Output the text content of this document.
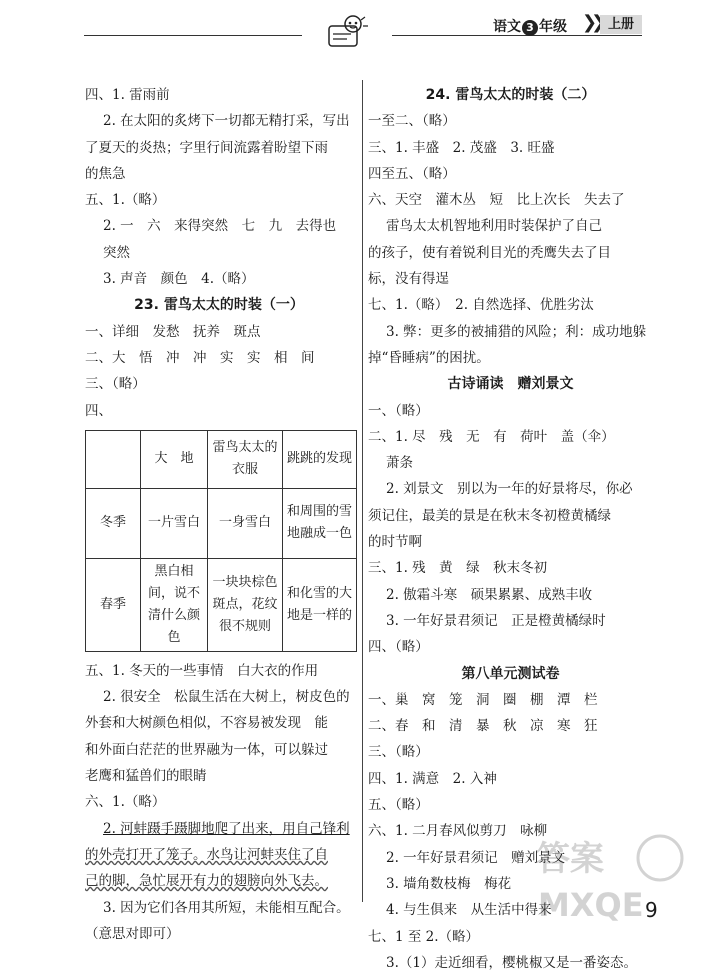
语文 3 年级 ❯❯ 上册
四、1. 雷雨前
2. 在太阳的炙烤下一切都无精打采，写出
了夏天的炎热；字里行间流露着盼望下雨
的焦急
五、1.（略）
2. 一　六　来得突然　七　九　去得也
突然
3. 声音　颜色　4.（略）
23. 雷鸟太太的时装（一）
一、详细　发愁　抚养　斑点
二、大　悟　冲　冲　实　实　相　间
三、（略）
四、
	大　地	雷鸟太太的衣服	跳跳的发现
冬季	一片雪白	一身雪白	和周围的雪地融成一色
春季	黑白相间，说不清什么颜色	一块块棕色斑点，花纹很不规则	和化雪的大地是一样的
五、1. 冬天的一些事情　白大衣的作用
2. 很安全　松鼠生活在大树上，树皮色的
外套和大树颜色相似，不容易被发现　能
和外面白茫茫的世界融为一体，可以躲过
老鹰和猛兽们的眼睛
六、1.（略）
2. 河蚌蹑手蹑脚地爬了出来，用自己锋利
的外壳打开了笼子。水鸟让河蚌夹住了自
己的脚，急忙展开有力的翅膀向外飞去。
3. 因为它们各用其所短，未能相互配合。
（意思对即可）
24. 雷鸟太太的时装（二）
一至二、（略）
三、1. 丰盛　2. 茂盛　3. 旺盛
四至五、（略）
六、天空　灌木丛　短　比上次长　失去了
雷鸟太太机智地利用时装保护了自己
的孩子，使有着锐利目光的秃鹰失去了目
标，没有得逞
七、1.（略）　2. 自然选择、优胜劣汰
3. 弊：更多的被捕猎的风险；利：成功地躲
掉“昏睡病”的困扰。
古诗诵读　赠刘景文
一、（略）
二、1. 尽　残　无　有　荷叶　盖（伞）
萧条
2. 刘景文　别以为一年的好景将尽，你必
须记住，最美的景是在秋末冬初橙黄橘绿
的时节啊
三、1. 残　黄　绿　秋末冬初
2. 傲霜斗寒　硕果累累、成熟丰收
3. 一年好景君须记　正是橙黄橘绿时
四、（略）
第八单元测试卷
一、巢　窝　笼　洞　圈　棚　潭　栏
二、春　和　清　暴　秋　凉　寒　狂
三、（略）
四、1. 满意　2. 入神
五、（略）
六、1. 二月春风似剪刀　咏柳
2. 一年好景君须记　赠刘景文
3. 墙角数枝梅　梅花
4. 与生俱来　从生活中得来
七、1 至 2.（略）
3.（1）走近细看，樱桃椒又是一番姿态。
答案
MXQE 9
